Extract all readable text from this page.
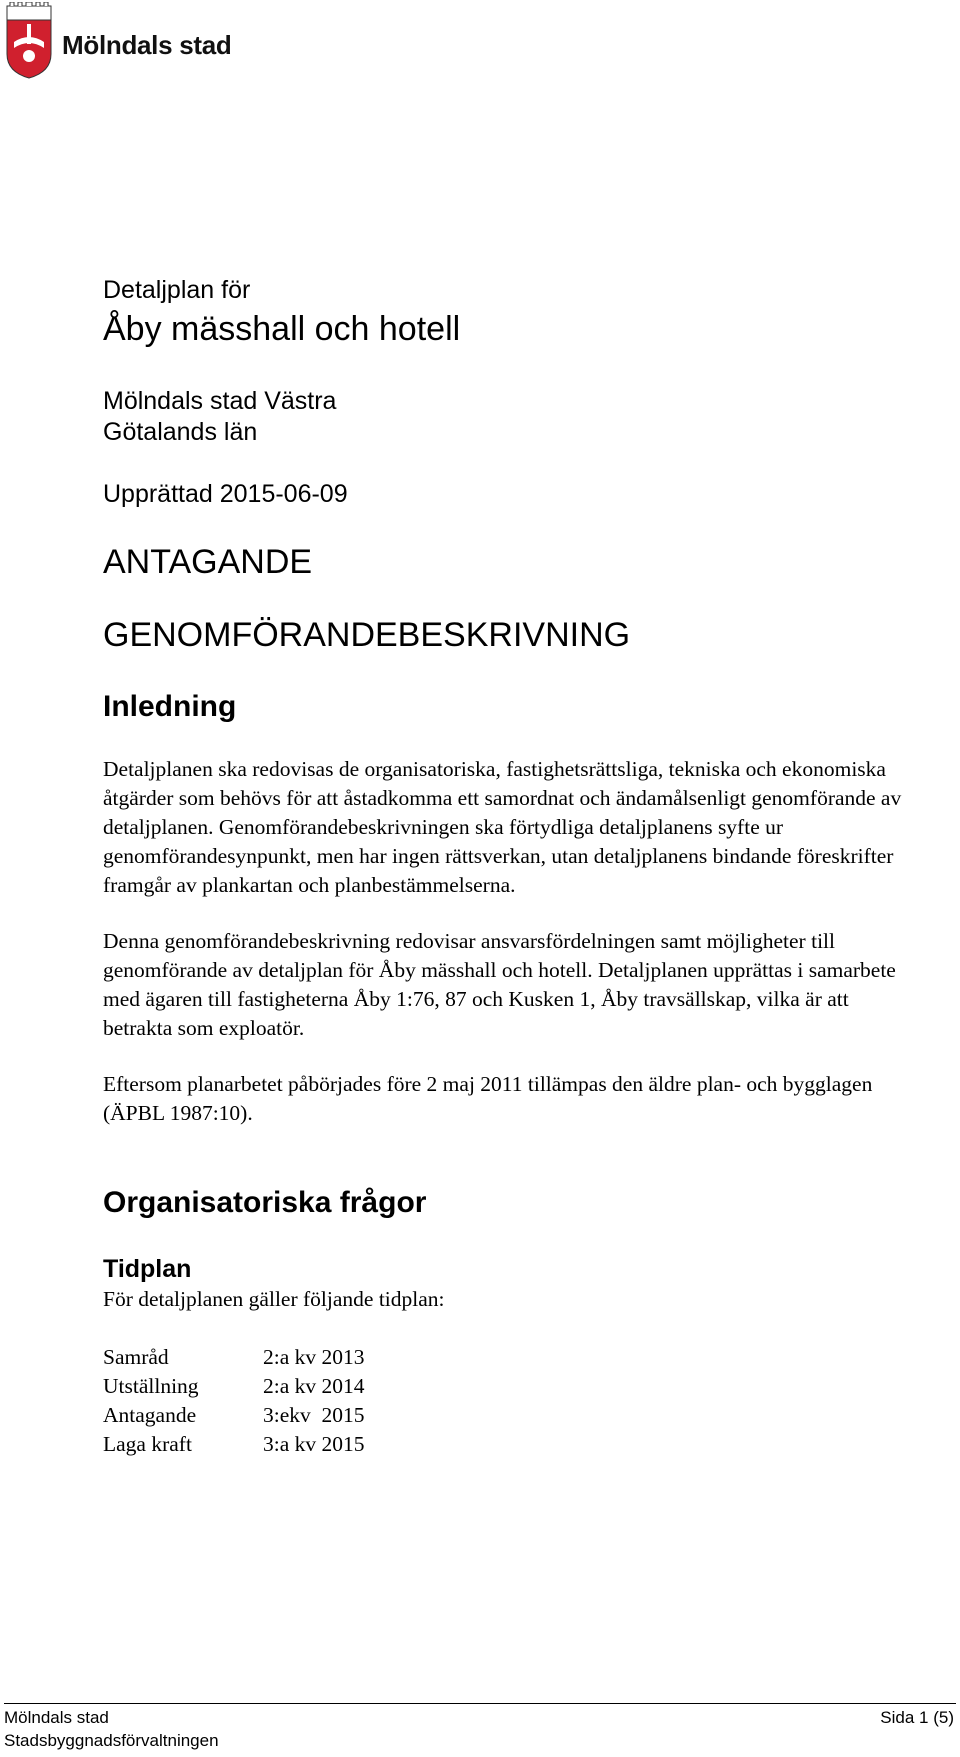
Mölndals stad
Detaljplan för
Åby mässhall och hotell
Mölndals stad Västra
Götalands län
Upprättad 2015-06-09
ANTAGANDE
GENOMFÖRANDEBESKRIVNING
Inledning

Detaljplanen ska redovisas de organisatoriska, fastighetsrättsliga, tekniska och ekonomiska åtgärder som behövs för att åstadkomma ett samordnat och ändamålsenligt genomförande av detaljplanen. Genomförandebeskrivningen ska förtydliga detaljplanens syfte ur genomförandesynpunkt, men har ingen rättsverkan, utan detaljplanens bindande föreskrifter framgår av plankartan och planbestämmelserna.

Denna genomförandebeskrivning redovisar ansvarsfördelningen samt möjligheter till genomförande av detaljplan för Åby mässhall och hotell. Detaljplanen upprättas i samarbete med ägaren till fastigheterna Åby 1:76, 87 och Kusken 1, Åby travsällskap, vilka är att betrakta som exploatör.

Eftersom planarbetet påbörjades före 2 maj 2011 tillämpas den äldre plan- och bygglagen (ÄPBL 1987:10).

Organisatoriska frågor
Tidplan
För detaljplanen gäller följande tidplan:
Samråd	2:a kv 2013
Utställning	2:a kv 2014
Antagande	3:ekv  2015
Laga kraft	3:a kv 2015
Mölndals stad
Stadsbyggnadsförvaltningen
Sida 1 (5)
